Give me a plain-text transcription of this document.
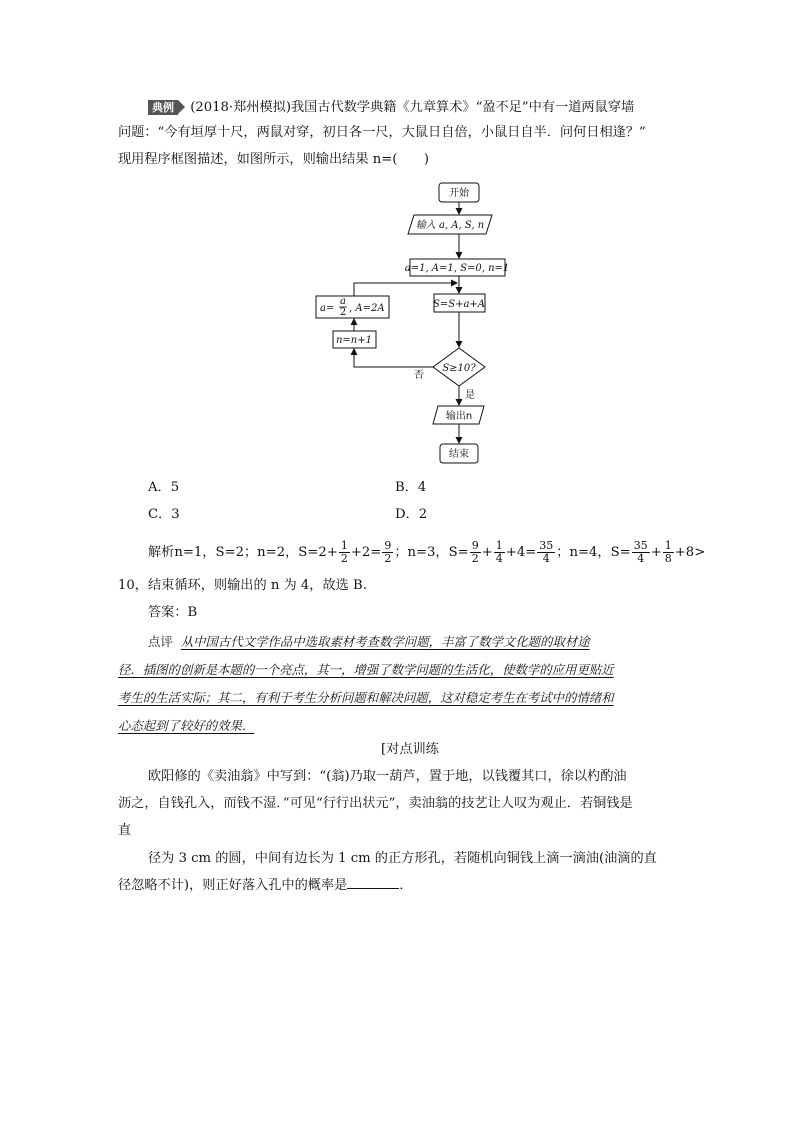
典例 (2018·郑州模拟)我国古代数学典籍《九章算术》“盈不足”中有一道两鼠穿墙
问题：“今有垣厚十尺，两鼠对穿，初日各一尺，大鼠日自倍，小鼠日自半．问何日相逢？”
现用程序框图描述，如图所示，则输出结果 n=(　　)
开始
输入 a, A, S, n
a=1, A=1, S=0, n=1
S=S+a+A
a=
a
2 , A=2A
n=n+1
S≥10?
是
否
输出n
结束
A．5	B．4
C．3	D．2
解析n=1，S=2；n=2，$S=2+ \frac{1}{2} +2= \frac{9}{2}$ ；n=3，$S= \frac{9}{2} + \frac{1}{4} +4= \frac{35}{4}$ ；n=4，$S= \frac{35}{4} + \frac{1}{8} +8>$
10，结束循环，则输出的 n 为 4，故选 B.
答案：B
点评 从中国古代文学作品中选取素材考查数学问题，丰富了数学文化题的取材途
径．插图的创新是本题的一个亮点，其一，增强了数学问题的生活化，使数学的应用更贴近
考生的生活实际；其二，有利于考生分析问题和解决问题，这对稳定考生在考试中的情绪和
心态起到了较好的效果．
[对点训练
欧阳修的《卖油翁》中写到：“(翁)乃取一葫芦，置于地，以钱覆其口，徐以杓酌油
沥之，自钱孔入，而钱不湿．”可见“行行出状元”，卖油翁的技艺让人叹为观止．若铜钱是
直
径为 3 cm 的圆，中间有边长为 1 cm 的正方形孔，若随机向铜钱上滴一滴油(油滴的直
径忽略不计)，则正好落入孔中的概率是	．
